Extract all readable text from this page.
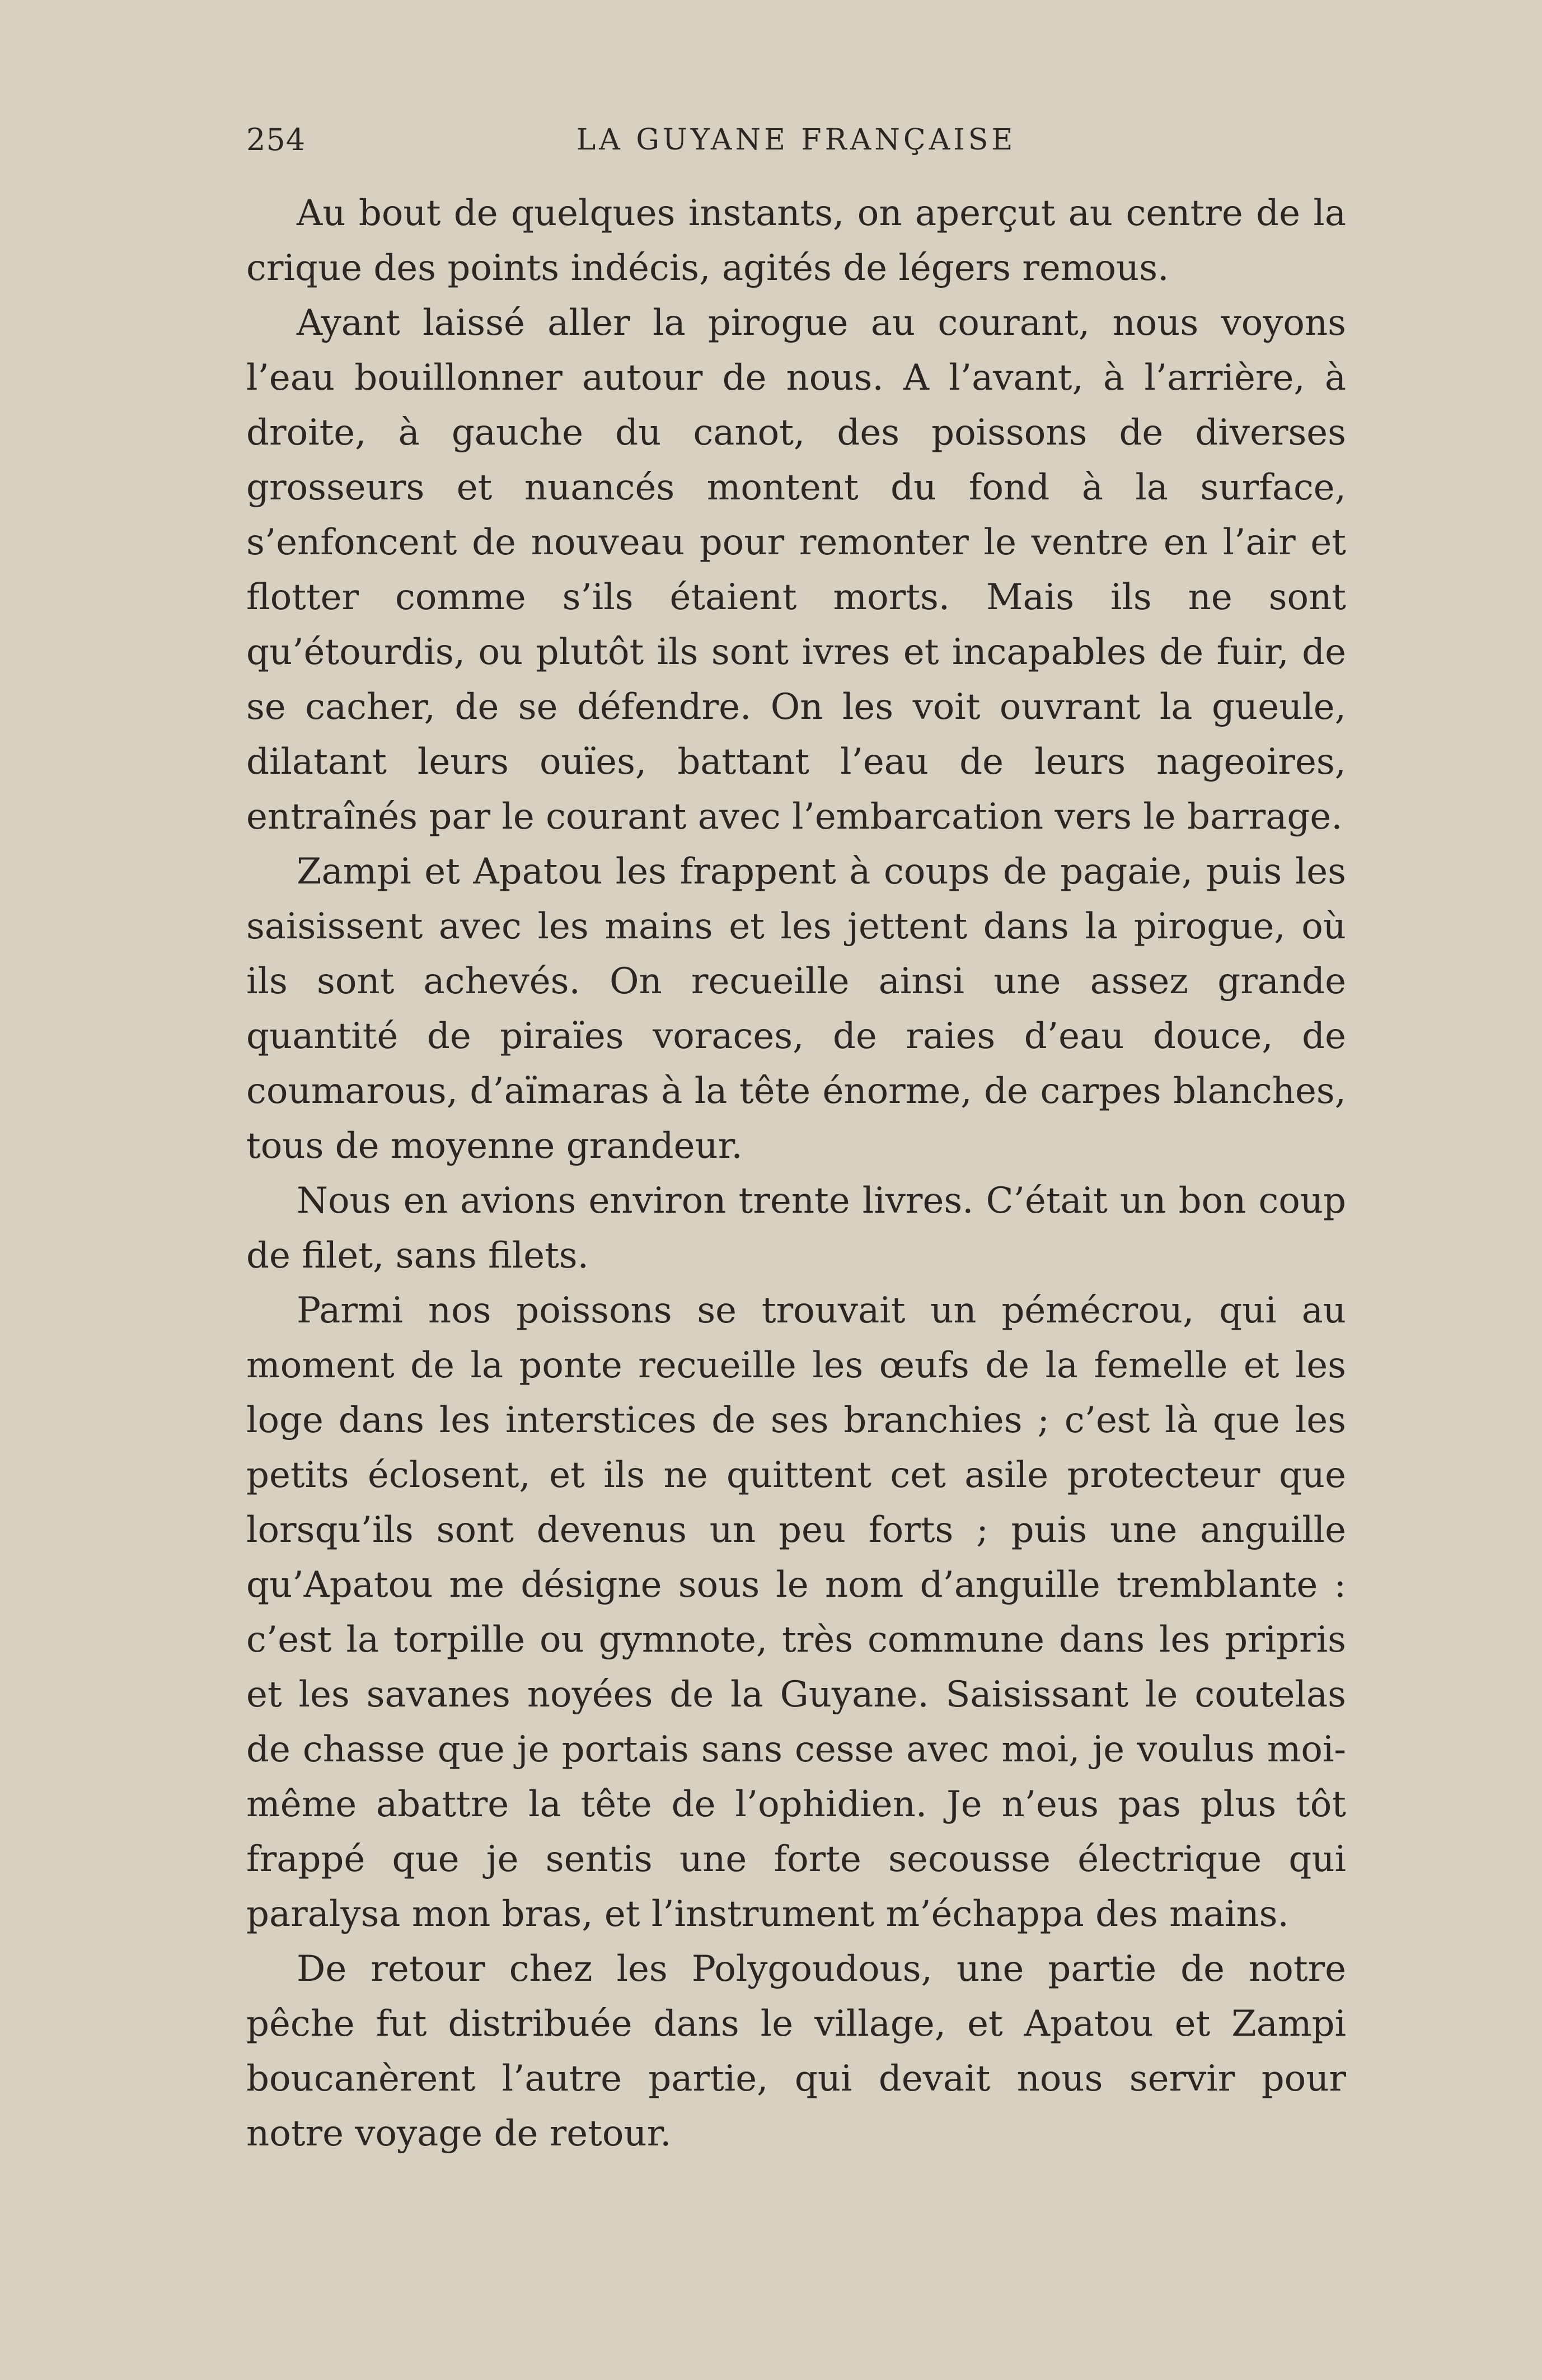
254	LA GUYANE FRANÇAISE

Au bout de quelques instants, on aperçut au centre de la crique des points indécis, agités de légers remous.

Ayant laissé aller la pirogue au courant, nous voyons l’eau bouillonner autour de nous. A l’avant, à l’arrière, à droite, à gauche du canot, des poissons de diverses grosseurs et nuancés montent du fond à la surface, s’enfoncent de nouveau pour remonter le ventre en l’air et flotter comme s’ils étaient morts. Mais ils ne sont qu’étourdis, ou plutôt ils sont ivres et incapables de fuir, de se cacher, de se défendre. On les voit ouvrant la gueule, dilatant leurs ouïes, battant l’eau de leurs nageoires, entraînés par le courant avec l’embarcation vers le barrage.

Zampi et Apatou les frappent à coups de pagaie, puis les saisissent avec les mains et les jettent dans la pirogue, où ils sont achevés. On recueille ainsi une assez grande quantité de piraïes voraces, de raies d’eau douce, de coumarous, d’aïmaras à la tête énorme, de carpes blanches, tous de moyenne grandeur.

Nous en avions environ trente livres. C’était un bon coup de filet, sans filets.

Parmi nos poissons se trouvait un pémécrou, qui au moment de la ponte recueille les œufs de la femelle et les loge dans les interstices de ses branchies ; c’est là que les petits éclosent, et ils ne quittent cet asile protecteur que lorsqu’ils sont devenus un peu forts ; puis une anguille qu’Apatou me désigne sous le nom d’anguille tremblante : c’est la torpille ou gymnote, très commune dans les pripris et les savanes noyées de la Guyane. Saisissant le coutelas de chasse que je portais sans cesse avec moi, je voulus moi-même abattre la tête de l’ophidien. Je n’eus pas plus tôt frappé que je sentis une forte secousse électrique qui paralysa mon bras, et l’instrument m’échappa des mains.

De retour chez les Polygoudous, une partie de notre pêche fut distribuée dans le village, et Apatou et Zampi boucanèrent l’autre partie, qui devait nous servir pour notre voyage de retour.
